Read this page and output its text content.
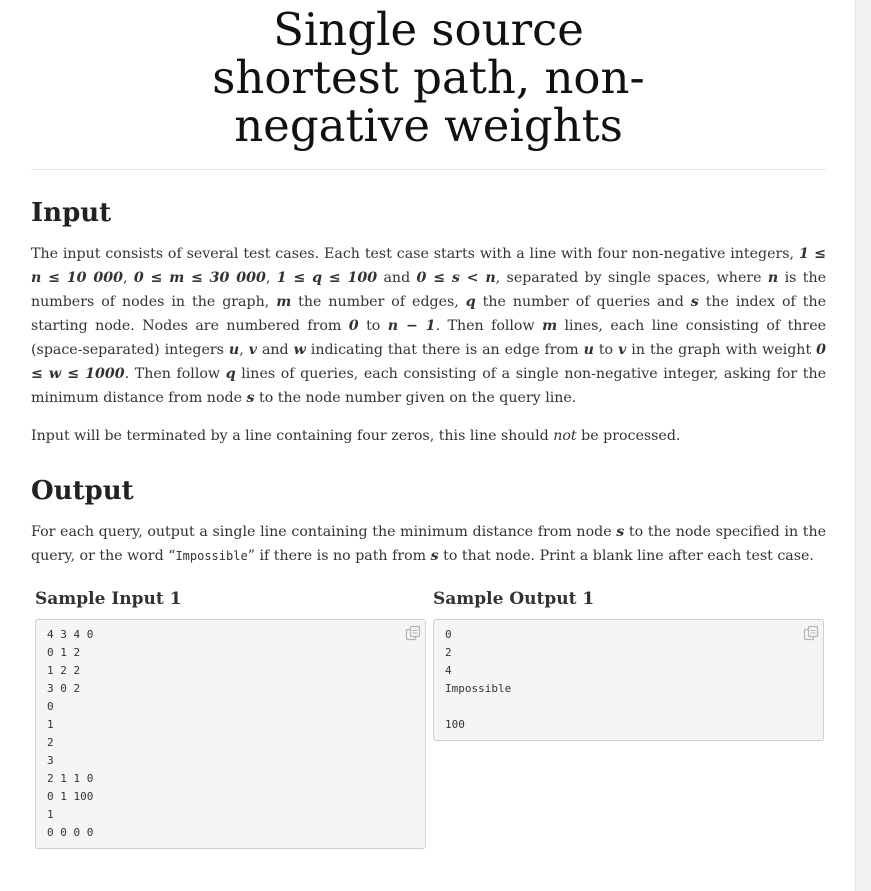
Single source shortest path, non-negative weights
Input

The input consists of several test cases. Each test case starts with a line with four non-negative integers, 1 ≤ n ≤ 10 000, 0 ≤ m ≤ 30 000, 1 ≤ q ≤ 100 and 0 ≤ s < n, separated by single spaces, where n is the numbers of nodes in the graph, m the number of edges, q the number of queries and s the index of the starting node. Nodes are numbered from 0 to n − 1. Then follow m lines, each line consisting of three (space-separated) integers u, v and w indicating that there is an edge from u to v in the graph with weight 0 ≤ w ≤ 1000. Then follow q lines of queries, each consisting of a single non-negative integer, asking for the minimum distance from node s to the node number given on the query line.

Input will be terminated by a line containing four zeros, this line should not be processed.

Output

For each query, output a single line containing the minimum distance from node s to the node specified in the query, or the word “Impossible” if there is no path from s to that node. Print a blank line after each test case.

Sample Input 1
4 3 4 0
0 1 2
1 2 2
3 0 2
0
1
2
3
2 1 1 0
0 1 100
1
0 0 0 0
Sample Output 1
0
2
4
Impossible
100
